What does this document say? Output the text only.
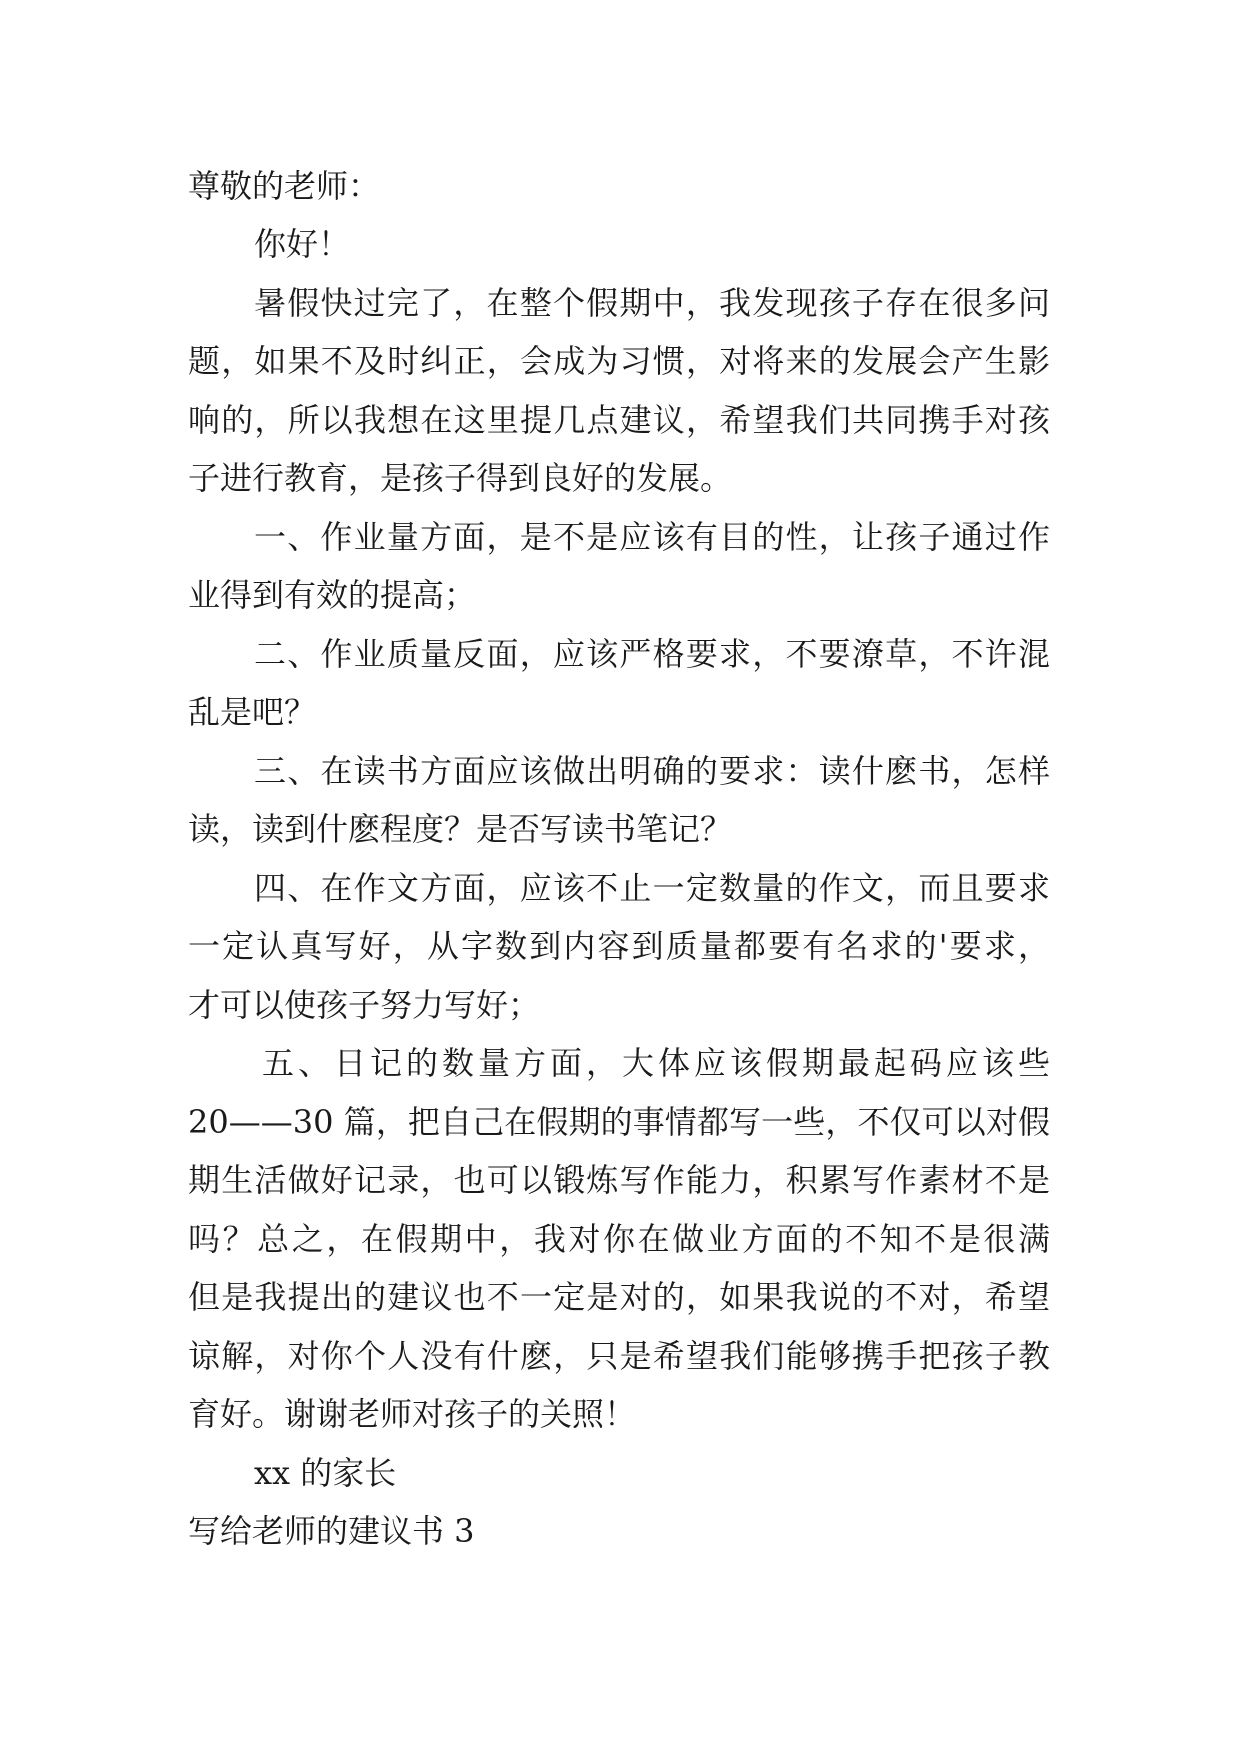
尊敬的老师：
你好！
暑假快过完了，在整个假期中，我发现孩子存在很多问
题，如果不及时纠正，会成为习惯，对将来的发展会产生影
响的，所以我想在这里提几点建议，希望我们共同携手对孩
子进行教育，是孩子得到良好的发展。
一、作业量方面，是不是应该有目的性，让孩子通过作
业得到有效的提高；
二、作业质量反面，应该严格要求，不要潦草，不许混
乱是吧？
三、在读书方面应该做出明确的要求：读什麽书，怎样
读，读到什麽程度？是否写读书笔记？
四、在作文方面，应该不止一定数量的作文，而且要求
一定认真写好，从字数到内容到质量都要有名求的'要求，
才可以使孩子努力写好；
五、日记的数量方面，大体应该假期最起码应该些
20——30 篇，把自己在假期的事情都写一些，不仅可以对假
期生活做好记录，也可以锻炼写作能力，积累写作素材不是
吗？总之，在假期中，我对你在做业方面的不知不是很满
但是我提出的建议也不一定是对的，如果我说的不对，希望
谅解，对你个人没有什麽，只是希望我们能够携手把孩子教
育好。谢谢老师对孩子的关照！
xx 的家长
写给老师的建议书 3
